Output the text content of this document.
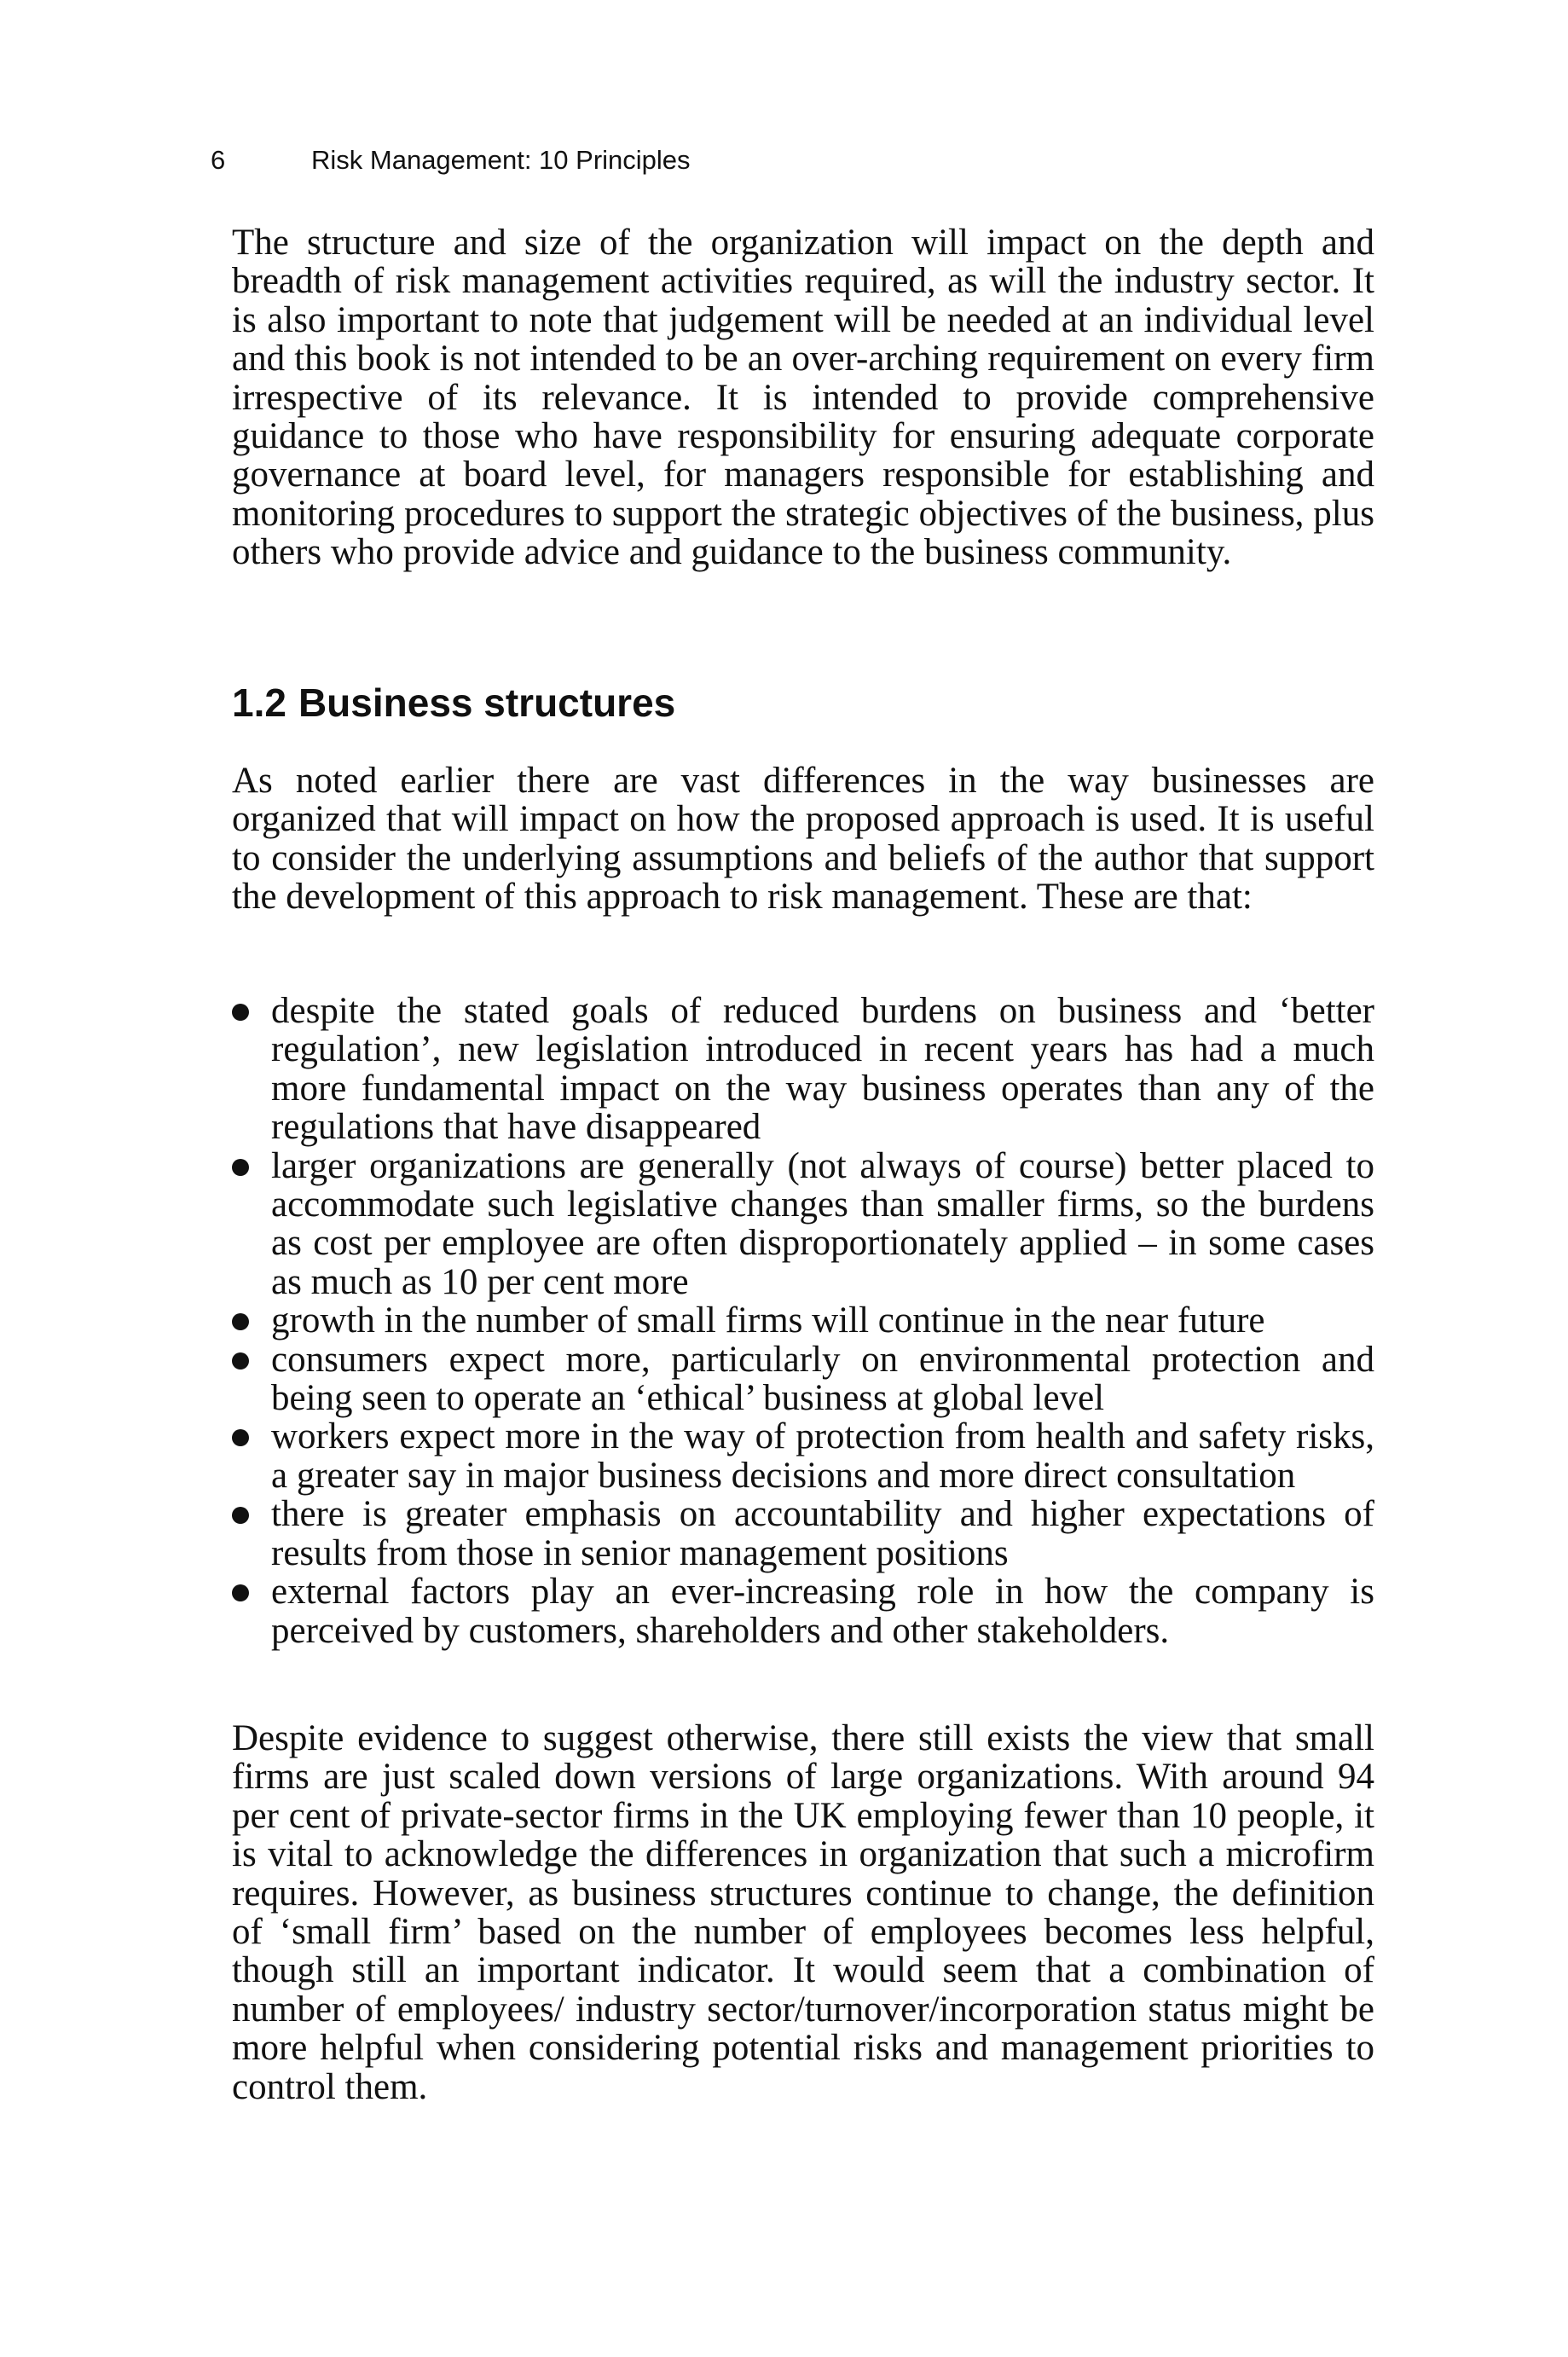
6	Risk Management: 10 Principles

The structure and size of the organization will impact on the depth and breadth of risk management activities required, as will the industry sector. It is also important to note that judgement will be needed at an individual level and this book is not intended to be an over-arching requirement on every firm irrespective of its relevance. It is intended to provide comprehensive guidance to those who have responsibility for ensuring adequate corporate governance at board level, for managers responsible for establishing and monitoring procedures to support the strategic objectives of the business, plus others who provide advice and guidance to the business community.

1.2 Business structures

As noted earlier there are vast differences in the way businesses are organized that will impact on how the proposed approach is used. It is useful to consider the underlying assumptions and beliefs of the author that support the development of this approach to risk management. These are that:

despite the stated goals of reduced burdens on business and ‘better regulation’, new legislation introduced in recent years has had a much more fundamental impact on the way business operates than any of the regulations that have disappeared
larger organizations are generally (not always of course) better placed to accommodate such legislative changes than smaller firms, so the burdens as cost per employee are often disproportionately applied – in some cases as much as 10 per cent more
growth in the number of small firms will continue in the near future
consumers expect more, particularly on environmental protection and being seen to operate an ‘ethical’ business at global level
workers expect more in the way of protection from health and safety risks, a greater say in major business decisions and more direct consultation
there is greater emphasis on accountability and higher expectations of results from those in senior management positions
external factors play an ever-increasing role in how the company is perceived by customers, shareholders and other stakeholders.

Despite evidence to suggest otherwise, there still exists the view that small firms are just scaled down versions of large organizations. With around 94 per cent of private-sector firms in the UK employing fewer than 10 people, it is vital to acknowledge the differences in organization that such a microfirm requires. However, as business structures continue to change, the definition of ‘small firm’ based on the number of employees becomes less helpful, though still an important indicator. It would seem that a combination of number of employees/ industry sector/turnover/incorporation status might be more helpful when considering potential risks and management priorities to control them.
